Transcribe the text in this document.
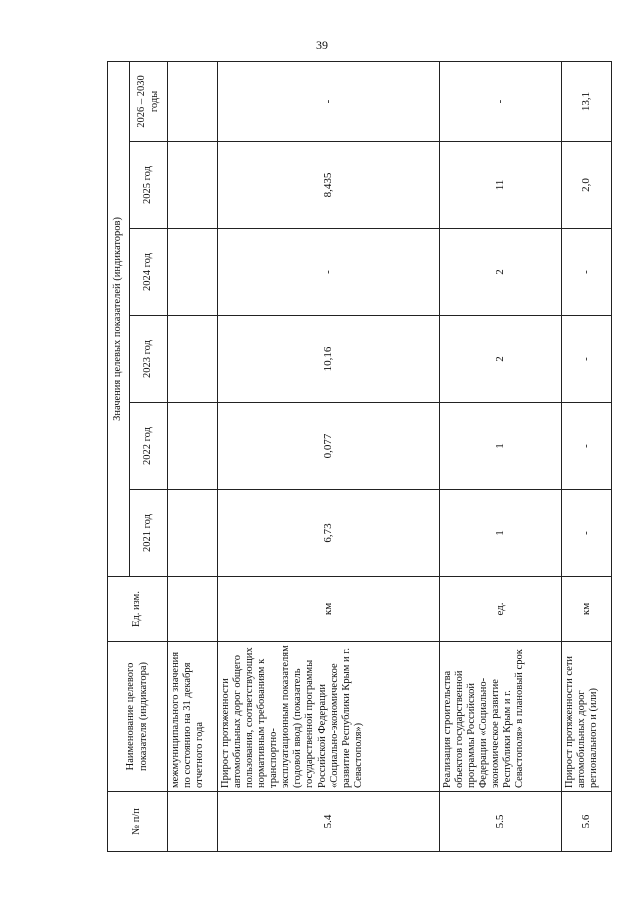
39
№ п/п	Наименование целевого показателя (индикатора)	Ед. изм.	Значения целевых показателей (индикаторов)					
			2021 год	2022 год	2023 год	2024 год	2025 год	2026 – 2030 годы
	межмуниципального значения по состоянию на 31 декабря отчетного года							
5.4	Прирост протяженности автомобильных дорог общего пользования, соответствующих нормативным требованиям к транспортно-эксплуатационным показателям (годовой ввод) (показатель государственной программы Российской Федерации «Социально-экономическое развитие Республики Крым и г. Севастополя»)	км	6,73	0,077	10,16	-	8,435	-
5.5	Реализация строительства объектов государственной программы Российской Федерации «Социально-экономическое развитие Республики Крым и г. Севастополя» в плановый срок	ед.	1	1	2	2	11	-
5.6	Прирост протяженности сети автомобильных дорог регионального и (или)	км	-	-	-	-	2,0	13,1
